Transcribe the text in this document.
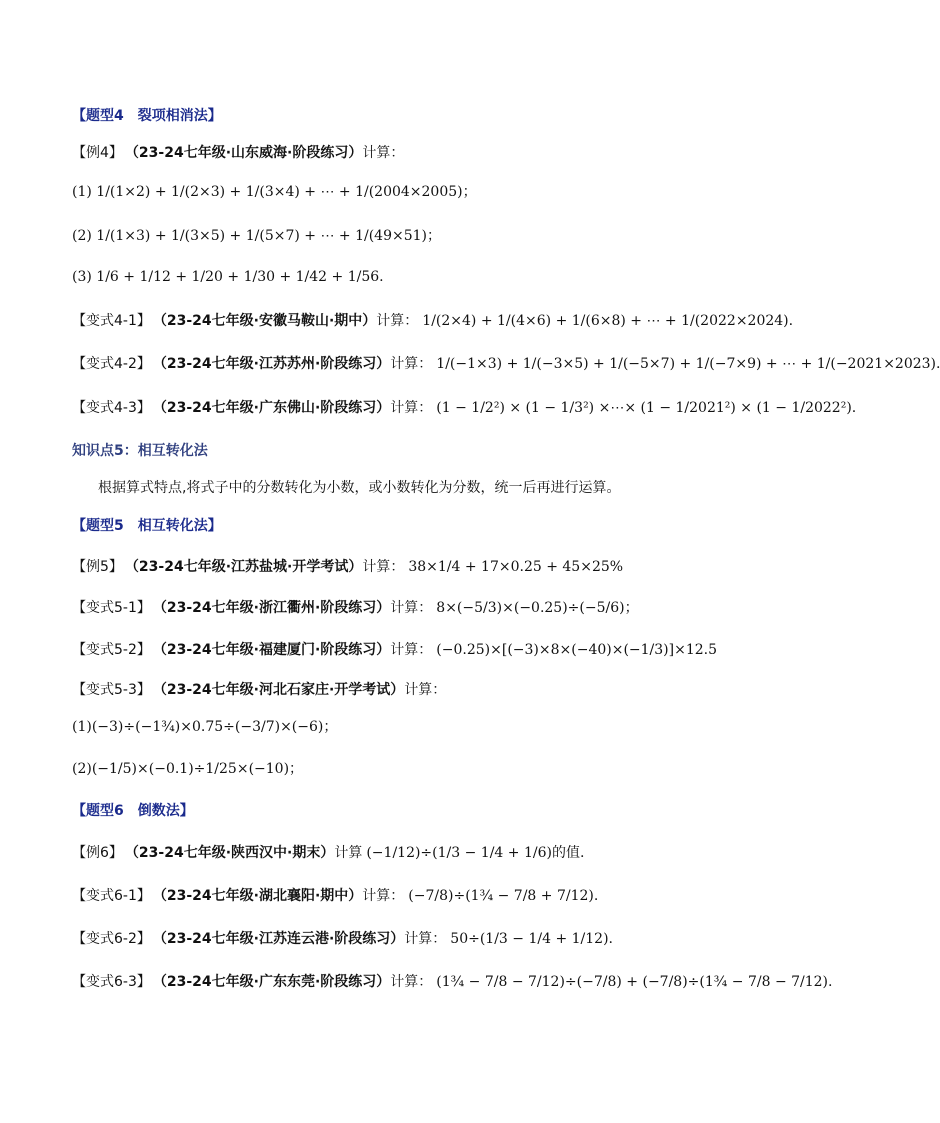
【题型4　裂项相消法】
【例4】 （23-24七年级·山东威海·阶段练习） 计算：
(1) 1/(1×2) + 1/(2×3) + 1/(3×4) + ⋯ + 1/(2004×2005)；
(2) 1/(1×3) + 1/(3×5) + 1/(5×7) + ⋯ + 1/(49×51)；
(3) 1/6 + 1/12 + 1/20 + 1/30 + 1/42 + 1/56.
【变式4-1】 （23-24七年级·安徽马鞍山·期中） 计算： 1/(2×4) + 1/(4×6) + 1/(6×8) + ⋯ + 1/(2022×2024).
【变式4-2】 （23-24七年级·江苏苏州·阶段练习） 计算： 1/(−1×3) + 1/(−3×5) + 1/(−5×7) + 1/(−7×9) + ⋯ + 1/(−2021×2023).
【变式4-3】 （23-24七年级·广东佛山·阶段练习） 计算： (1 − 1/2²) × (1 − 1/3²) ×⋯× (1 − 1/2021²) × (1 − 1/2022²).
知识点5：相互转化法
根据算式特点,将式子中的分数转化为小数，或小数转化为分数，统一后再进行运算。
【题型5　相互转化法】
【例5】 （23-24七年级·江苏盐城·开学考试） 计算： 38×1/4 + 17×0.25 + 45×25%
【变式5-1】 （23-24七年级·浙江衢州·阶段练习） 计算： 8×(−5/3)×(−0.25)÷(−5/6)；
【变式5-2】 （23-24七年级·福建厦门·阶段练习） 计算： (−0.25)×[(−3)×8×(−40)×(−1/3)]×12.5
【变式5-3】 （23-24七年级·河北石家庄·开学考试） 计算：
(1)(−3)÷(−1¾)×0.75÷(−3/7)×(−6)；
(2)(−1/5)×(−0.1)÷1/25×(−10)；
【题型6　倒数法】
【例6】 （23-24七年级·陕西汉中·期末） 计算 (−1/12)÷(1/3 − 1/4 + 1/6)的值.
【变式6-1】 （23-24七年级·湖北襄阳·期中） 计算： (−7/8)÷(1¾ − 7/8 + 7/12).
【变式6-2】 （23-24七年级·江苏连云港·阶段练习） 计算： 50÷(1/3 − 1/4 + 1/12).
【变式6-3】 （23-24七年级·广东东莞·阶段练习） 计算： (1¾ − 7/8 − 7/12)÷(−7/8) + (−7/8)÷(1¾ − 7/8 − 7/12).
